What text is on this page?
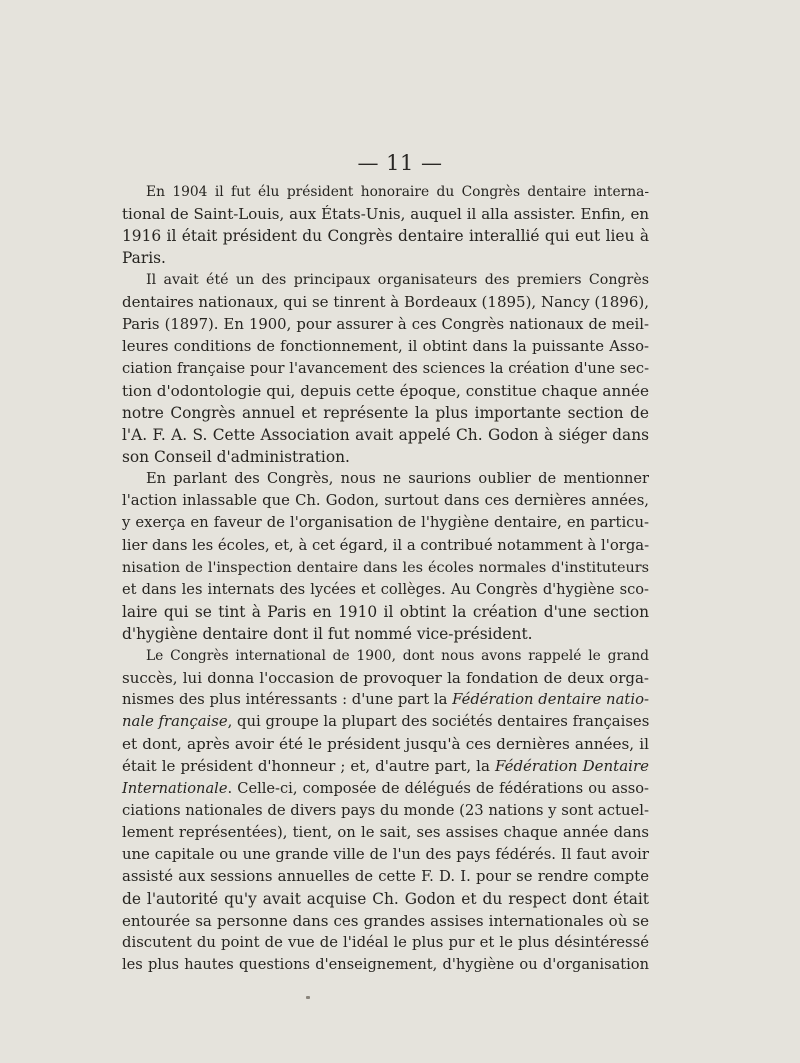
— 11 —
En 1904 il fut élu président honoraire du Congrès dentaire interna-
tional de Saint-Louis, aux États-Unis, auquel il alla assister. Enfin, en
1916 il était président du Congrès dentaire interallié qui eut lieu à
Paris.
Il avait été un des principaux organisateurs des premiers Congrès
dentaires nationaux, qui se tinrent à Bordeaux (1895), Nancy (1896),
Paris (1897). En 1900, pour assurer à ces Congrès nationaux de meil-
leures conditions de fonctionnement, il obtint dans la puissante Asso-
ciation française pour l'avancement des sciences la création d'une sec-
tion d'odontologie qui, depuis cette époque, constitue chaque année
notre Congrès annuel et représente la plus importante section de
l'A. F. A. S. Cette Association avait appelé Ch. Godon à siéger dans
son Conseil d'administration.
En parlant des Congrès, nous ne saurions oublier de mentionner
l'action inlassable que Ch. Godon, surtout dans ces dernières années,
y exerça en faveur de l'organisation de l'hygiène dentaire, en particu-
lier dans les écoles, et, à cet égard, il a contribué notamment à l'orga-
nisation de l'inspection dentaire dans les écoles normales d'instituteurs
et dans les internats des lycées et collèges. Au Congrès d'hygiène sco-
laire qui se tint à Paris en 1910 il obtint la création d'une section
d'hygiène dentaire dont il fut nommé vice-président.
Le Congrès international de 1900, dont nous avons rappelé le grand
succès, lui donna l'occasion de provoquer la fondation de deux orga-
nismes des plus intéressants : d'une part la Fédération dentaire natio-
nale française, qui groupe la plupart des sociétés dentaires françaises
et dont, après avoir été le président jusqu'à ces dernières années, il
était le président d'honneur ; et, d'autre part, la Fédération Dentaire
Internationale. Celle-ci, composée de délégués de fédérations ou asso-
ciations nationales de divers pays du monde (23 nations y sont actuel-
lement représentées), tient, on le sait, ses assises chaque année dans
une capitale ou une grande ville de l'un des pays fédérés. Il faut avoir
assisté aux sessions annuelles de cette F. D. I. pour se rendre compte
de l'autorité qu'y avait acquise Ch. Godon et du respect dont était
entourée sa personne dans ces grandes assises internationales où se
discutent du point de vue de l'idéal le plus pur et le plus désintéressé
les plus hautes questions d'enseignement, d'hygiène ou d'organisation
